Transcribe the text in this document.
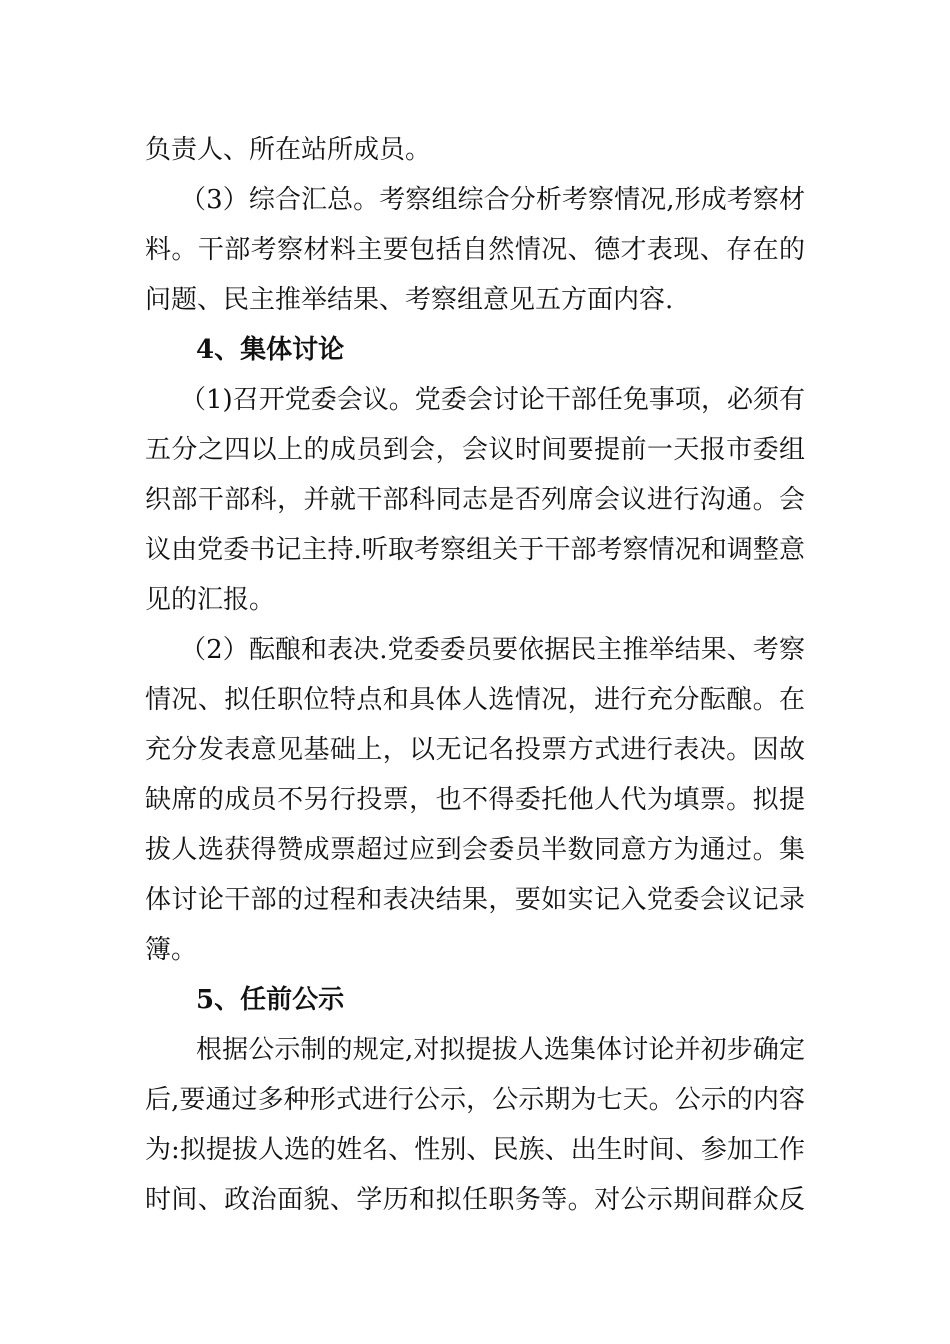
负责人、所在站所成员。
（3）综合汇总。考察组综合分析考察情况,形成考察材
料。干部考察材料主要包括自然情况、德才表现、存在的
问题、民主推举结果、考察组意见五方面内容.
4、集体讨论
（1)召开党委会议。党委会讨论干部任免事项，必须有
五分之四以上的成员到会，会议时间要提前一天报市委组
织部干部科，并就干部科同志是否列席会议进行沟通。会
议由党委书记主持.听取考察组关于干部考察情况和调整意
见的汇报。
（2）酝酿和表决.党委委员要依据民主推举结果、考察
情况、拟任职位特点和具体人选情况，进行充分酝酿。在
充分发表意见基础上，以无记名投票方式进行表决。因故
缺席的成员不另行投票，也不得委托他人代为填票。拟提
拔人选获得赞成票超过应到会委员半数同意方为通过。集
体讨论干部的过程和表决结果，要如实记入党委会议记录
簿。
5、任前公示
根据公示制的规定,对拟提拔人选集体讨论并初步确定
后,要通过多种形式进行公示，公示期为七天。公示的内容
为:拟提拔人选的姓名、性别、民族、出生时间、参加工作
时间、政治面貌、学历和拟任职务等。对公示期间群众反
